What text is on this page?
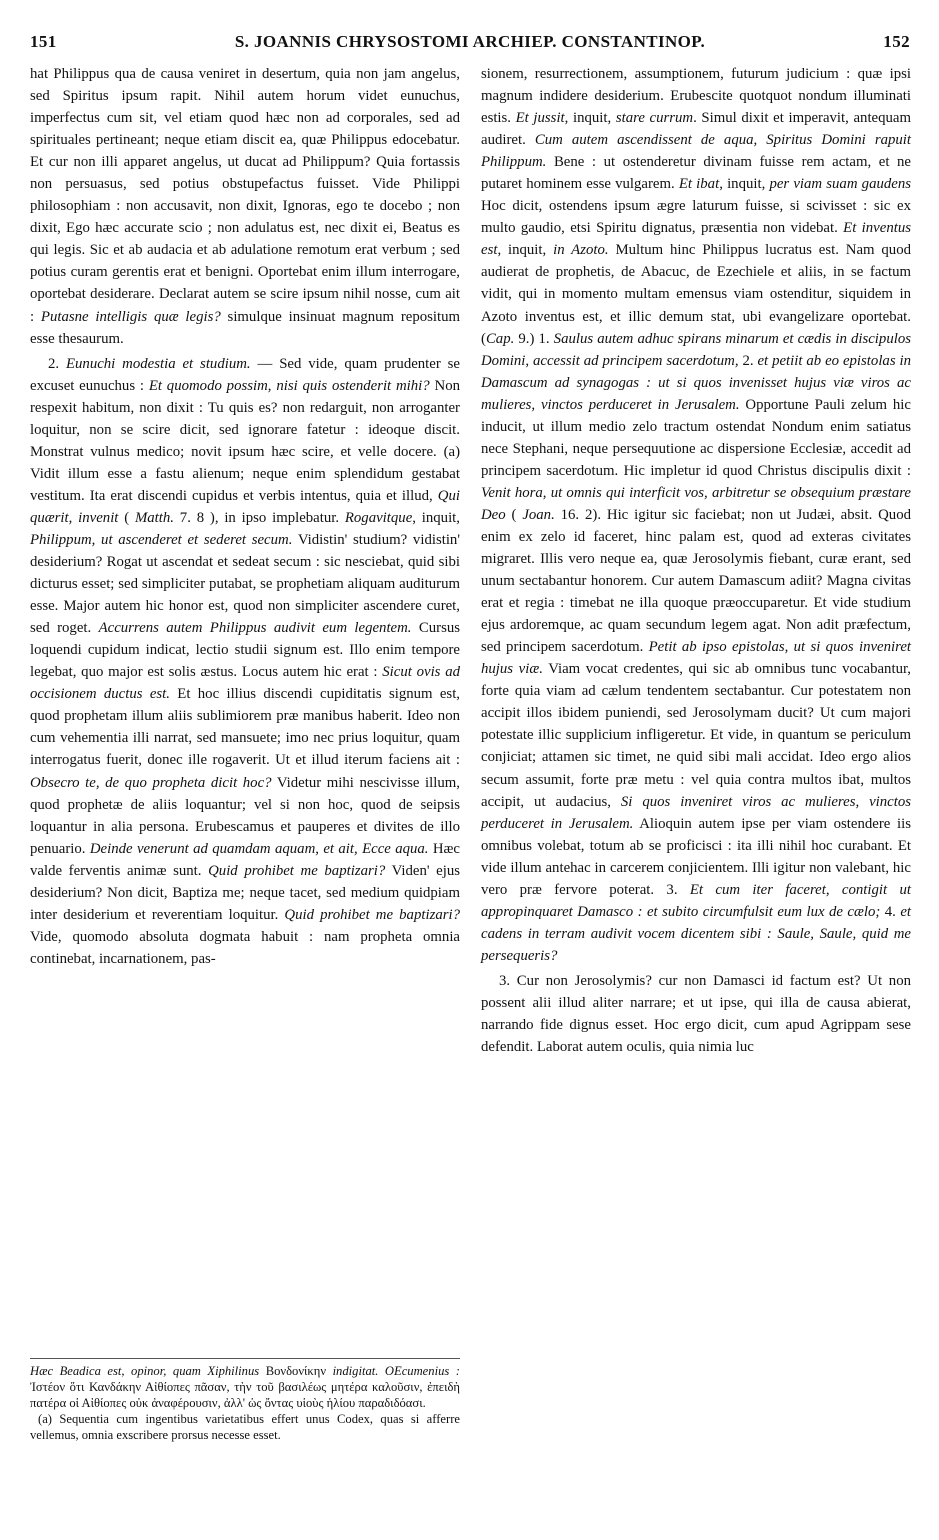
151	S. JOANNIS CHRYSOSTOMI ARCHIEP. CONSTANTINOP.	152

hat Philippus qua de causa veniret in desertum, quia non jam angelus, sed Spiritus ipsum rapit. Nihil autem horum videt eunuchus, imperfectus cum sit, vel etiam quod hæc non ad corporales, sed ad spirituales pertineant; neque etiam discit ea, quæ Philippus edocebatur. Et cur non illi apparet angelus, ut ducat ad Philippum? Quia fortassis non persuasus, sed potius obstupefactus fuisset. Vide Philippi philosophiam : non accusavit, non dixit, Ignoras, ego te docebo ; non dixit, Ego hæc accurate scio ; non adulatus est, nec dixit ei, Beatus es qui legis. Sic et ab audacia et ab adulatione remotum erat verbum ; sed potius curam gerentis erat et benigni. Oportebat enim illum interrogare, oportebat desiderare. Declarat autem se scire ipsum nihil nosse, cum ait : Putasne intelligis quæ legis? simulque insinuat magnum repositum esse thesaurum.

2. Eunuchi modestia et studium. — Sed vide, quam prudenter se excuset eunuchus : Et quomodo possim, nisi quis ostenderit mihi? Non respexit habitum, non dixit : Tu quis es? non redarguit, non arroganter loquitur, non se scire dicit, sed ignorare fatetur : ideoque discit. Monstrat vulnus medico; novit ipsum hæc scire, et velle docere. (a) Vidit illum esse a fastu alienum; neque enim splendidum gestabat vestitum. Ita erat discendi cupidus et verbis intentus, quia et illud, Qui quærit, invenit ( Matth. 7. 8 ), in ipso implebatur. Rogavitque, inquit, Philippum, ut ascenderet et sederet secum. Vidistin' studium? vidistin' desiderium? Rogat ut ascendat et sedeat secum : sic nesciebat, quid sibi dicturus esset; sed simpliciter putabat, se prophetiam aliquam auditurum esse. Major autem hic honor est, quod non simpliciter ascendere curet, sed roget. Accurrens autem Philippus audivit eum legentem. Cursus loquendi cupidum indicat, lectio studii signum est. Illo enim tempore legebat, quo major est solis æstus. Locus autem hic erat : Sicut ovis ad occisionem ductus est. Et hoc illius discendi cupiditatis signum est, quod prophetam illum aliis sublimiorem præ manibus haberit. Ideo non cum vehementia illi narrat, sed mansuete; imo nec prius loquitur, quam interrogatus fuerit, donec ille rogaverit. Ut et illud iterum faciens ait : Obsecro te, de quo propheta dicit hoc? Videtur mihi nescivisse illum, quod prophetæ de aliis loquantur; vel si non hoc, quod de seipsis loquantur in alia persona. Erubescamus et pauperes et divites de illo penuario. Deinde venerunt ad quamdam aquam, et ait, Ecce aqua. Hæc valde ferventis animæ sunt. Quid prohibet me baptizari? Viden' ejus desiderium? Non dicit, Baptiza me; neque tacet, sed medium quidpiam inter desiderium et reverentiam loquitur. Quid prohibet me baptizari? Vide, quomodo absoluta dogmata habuit : nam propheta omnia continebat, incarnationem, pas-

Hæc Beadica est, opinor, quam Xiphilinus Βονδονίκην indigitat. OEcumenius : Ἰστέον ὅτι Κανδάκην Αἰθίοπες πᾶσαν, τὴν τοῦ βασιλέως μητέρα καλοῦσιν, ἐπειδὴ πατέρα οἱ Αἰθίοπες οὐκ ἀναφέρουσιν, ἀλλ' ὡς ὄντας υἱοὺς ἡλίου παραδιδόασι.

(a) Sequentia cum ingentibus varietatibus effert unus Codex, quas si afferre vellemus, omnia exscribere prorsus necesse esset.

sionem, resurrectionem, assumptionem, futurum judicium : quæ ipsi magnum indidere desiderium. Erubescite quotquot nondum illuminati estis. Et jussit, inquit, stare currum. Simul dixit et imperavit, antequam audiret. Cum autem ascendissent de aqua, Spiritus Domini rapuit Philippum. Bene : ut ostenderetur divinam fuisse rem actam, et ne putaret hominem esse vulgarem. Et ibat, inquit, per viam suam gaudens Hoc dicit, ostendens ipsum ægre laturum fuisse, si scivisset : sic ex multo gaudio, etsi Spiritu dignatus, præsentia non videbat. Et inventus est, inquit, in Azoto. Multum hinc Philippus lucratus est. Nam quod audierat de prophetis, de Abacuc, de Ezechiele et aliis, in se factum vidit, qui in momento multam emensus viam ostenditur, siquidem in Azoto inventus est, et illic demum stat, ubi evangelizare oportebat. (Cap. 9.) 1. Saulus autem adhuc spirans minarum et cædis in discipulos Domini, accessit ad principem sacerdotum, 2. et petiit ab eo epistolas in Damascum ad synagogas : ut si quos invenisset hujus viæ viros ac mulieres, vinctos perduceret in Jerusalem. Opportune Pauli zelum hic inducit, ut illum medio zelo tractum ostendat Nondum enim satiatus nece Stephani, neque persequutione ac dispersione Ecclesiæ, accedit ad principem sacerdotum. Hic impletur id quod Christus discipulis dixit : Venit hora, ut omnis qui interficit vos, arbitretur se obsequium præstare Deo ( Joan. 16. 2). Hic igitur sic faciebat; non ut Judæi, absit. Quod enim ex zelo id faceret, hinc palam est, quod ad exteras civitates migraret. Illis vero neque ea, quæ Jerosolymis fiebant, curæ erant, sed unum sectabantur honorem. Cur autem Damascum adiit? Magna civitas erat et regia : timebat ne illa quoque præoccuparetur. Et vide studium ejus ardoremque, ac quam secundum legem agat. Non adit præfectum, sed principem sacerdotum. Petit ab ipso epistolas, ut si quos inveniret hujus viæ. Viam vocat credentes, qui sic ab omnibus tunc vocabantur, forte quia viam ad cælum tendentem sectabantur. Cur potestatem non accipit illos ibidem puniendi, sed Jerosolymam ducit? Ut cum majori potestate illic supplicium infligeretur. Et vide, in quantum se periculum conjiciat; attamen sic timet, ne quid sibi mali accidat. Ideo ergo alios secum assumit, forte præ metu : vel quia contra multos ibat, multos accipit, ut audacius, Si quos inveniret viros ac mulieres, vinctos perduceret in Jerusalem. Alioquin autem ipse per viam ostendere iis omnibus volebat, totum ab se proficisci : ita illi nihil hoc curabant. Et vide illum antehac in carcerem conjicientem. Illi igitur non valebant, hic vero præ fervore poterat. 3. Et cum iter faceret, contigit ut appropinquaret Damasco : et subito circumfulsit eum lux de cælo; 4. et cadens in terram audivit vocem dicentem sibi : Saule, Saule, quid me persequeris?

3. Cur non Jerosolymis? cur non Damasci id factum est? Ut non possent alii illud aliter narrare; et ut ipse, qui illa de causa abierat, narrando fide dignus esset. Hoc ergo dicit, cum apud Agrippam sese defendit. Laborat autem oculis, quia nimia luc
